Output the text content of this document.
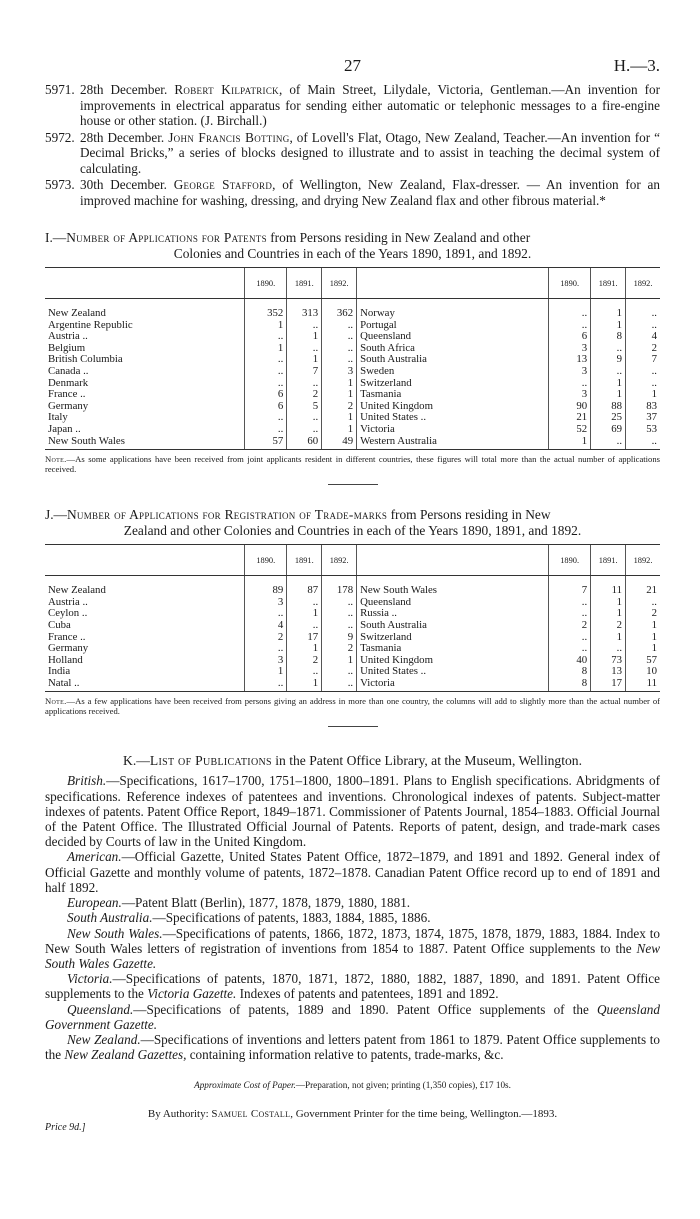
27	H.—3.
5971. 28th December. Robert Kilpatrick, of Main Street, Lilydale, Victoria, Gentleman.—An invention for improvements in electrical apparatus for sending either automatic or telephonic messages to a fire-engine house or other station. (J. Birchall.)
5972. 28th December. John Francis Botting, of Lovell's Flat, Otago, New Zealand, Teacher.—An invention for “ Decimal Bricks,” a series of blocks designed to illustrate and to assist in teaching the decimal system of calculating.
5973. 30th December. George Stafford, of Wellington, New Zealand, Flax-dresser. — An invention for an improved machine for washing, dressing, and drying New Zealand flax and other fibrous material.*
I.—Number of Applications for Patents from Persons residing in New Zealand and other
Colonies and Countries in each of the Years 1890, 1891, and 1892.
	1890.	1891.	1892.		1890.	1891.	1892.

New Zealand	352	313	362	Norway	..	1	..
Argentine Republic	1	..	..	Portugal	..	1	..
Austria ..	..	1	..	Queensland	6	8	4
Belgium	1	..	..	South Africa	3	..	2
British Columbia	..	1	..	South Australia	13	9	7
Canada ..	..	7	3	Sweden	3	..	..
Denmark	..	..	1	Switzerland	..	1	..
France ..	6	2	1	Tasmania	3	1	1
Germany	6	5	2	United Kingdom	90	88	83
Italy	..	..	1	United States ..	21	25	37
Japan ..	..	..	1	Victoria	52	69	53
New South Wales	57	60	49	Western Australia	1	..	..
Note.—As some applications have been received from joint applicants resident in different countries, these figures will total more than the actual number of applications received.
J.—Number of Applications for Registration of Trade-marks from Persons residing in New
Zealand and other Colonies and Countries in each of the Years 1890, 1891, and 1892.
	1890.	1891.	1892.		1890.	1891.	1892.

New Zealand	89	87	178	New South Wales	7	11	21
Austria ..	3	..	..	Queensland	..	1	..
Ceylon ..	..	1	..	Russia ..	..	1	2
Cuba	4	..	..	South Australia	2	2	1
France ..	2	17	9	Switzerland	..	1	1
Germany	..	1	2	Tasmania	..	..	1
Holland	3	2	1	United Kingdom	40	73	57
India	1	..	..	United States ..	8	13	10
Natal ..	..	1	..	Victoria	8	17	11
Note.—As a few applications have been received from persons giving an address in more than one country, the columns will add to slightly more than the actual number of applications received.
K.—List of Publications in the Patent Office Library, at the Museum, Wellington.

British.—Specifications, 1617–1700, 1751–1800, 1800–1891. Plans to English specifications. Abridgments of specifications. Reference indexes of patentees and inventions. Chronological indexes of patents. Subject-matter indexes of patents. Patent Office Report, 1849–1871. Commissioner of Patents Journal, 1854–1883. Official Journal of the Patent Office. The Illustrated Official Journal of Patents. Reports of patent, design, and trade-mark cases decided by Courts of law in the United Kingdom.

American.—Official Gazette, United States Patent Office, 1872–1879, and 1891 and 1892. General index of Official Gazette and monthly volume of patents, 1872–1878. Canadian Patent Office record up to end of 1891 and half 1892.

European.—Patent Blatt (Berlin), 1877, 1878, 1879, 1880, 1881.

South Australia.—Specifications of patents, 1883, 1884, 1885, 1886.

New South Wales.—Specifications of patents, 1866, 1872, 1873, 1874, 1875, 1878, 1879, 1883, 1884. Index to New South Wales letters of registration of inventions from 1854 to 1887. Patent Office supplements to the New South Wales Gazette.

Victoria.—Specifications of patents, 1870, 1871, 1872, 1880, 1882, 1887, 1890, and 1891. Patent Office supplements to the Victoria Gazette. Indexes of patents and patentees, 1891 and 1892.

Queensland.—Specifications of patents, 1889 and 1890. Patent Office supplements of the Queensland Government Gazette.

New Zealand.—Specifications of inventions and letters patent from 1861 to 1879. Patent Office supplements to the New Zealand Gazettes, containing information relative to patents, trade-marks, &c.

Approximate Cost of Paper.—Preparation, not given; printing (1,350 copies), £17 10s.
By Authority: Samuel Costall, Government Printer for the time being, Wellington.—1893.
Price 9d.]
